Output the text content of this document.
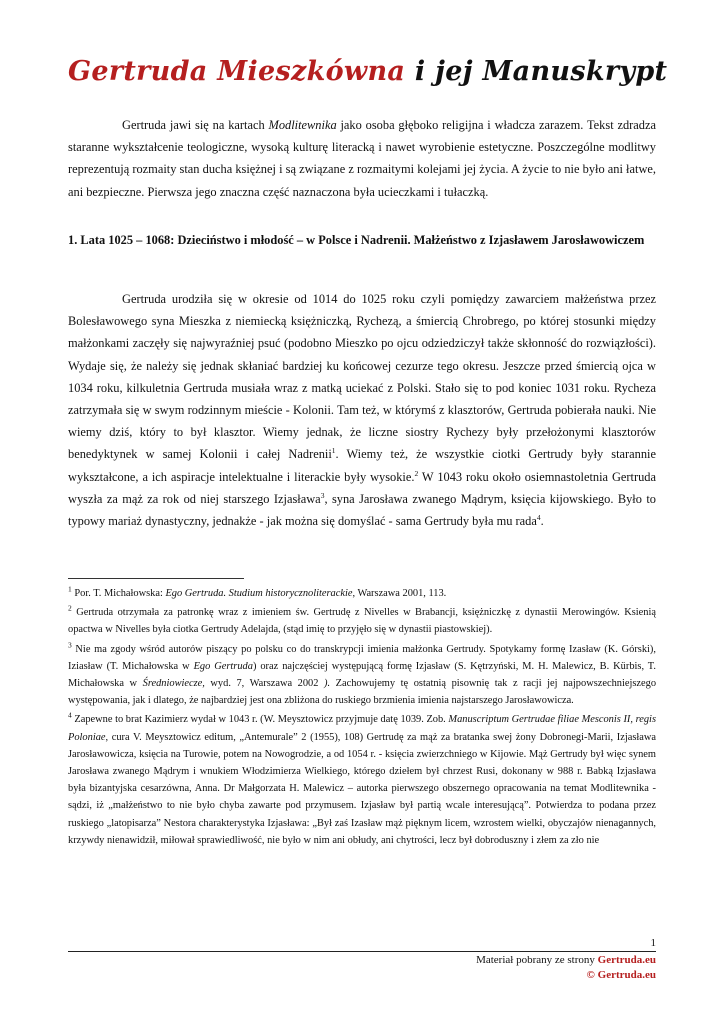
Gertruda Mieszkówna i jej Manuskrypt

Gertruda jawi się na kartach Modlitewnika jako osoba głęboko religijna i władcza zarazem. Tekst zdradza staranne wykształcenie teologiczne, wysoką kulturę literacką i nawet wyrobienie estetyczne. Poszczególne modlitwy reprezentują rozmaity stan ducha księżnej i są związane z rozmaitymi kolejami jej życia. A życie to nie było ani łatwe, ani bezpieczne. Pierwsza jego znaczna część naznaczona była ucieczkami i tułaczką.

1. Lata 1025 – 1068: Dzieciństwo i młodość – w Polsce i Nadrenii. Małżeństwo z Izjasławem Jarosławowiczem

Gertruda urodziła się w okresie od 1014 do 1025 roku czyli pomiędzy zawarciem małżeństwa przez Bolesławowego syna Mieszka z niemiecką księżniczką, Rychezą, a śmiercią Chrobrego, po której stosunki między małżonkami zaczęły się najwyraźniej psuć (podobno Mieszko po ojcu odziedziczył także skłonność do rozwiązłości). Wydaje się, że należy się jednak skłaniać bardziej ku końcowej cezurze tego okresu. Jeszcze przed śmiercią ojca w 1034 roku, kilkuletnia Gertruda musiała wraz z matką uciekać z Polski. Stało się to pod koniec 1031 roku. Rycheza zatrzymała się w swym rodzinnym mieście - Kolonii. Tam też, w którymś z klasztorów, Gertruda pobierała nauki. Nie wiemy dziś, który to był klasztor. Wiemy jednak, że liczne siostry Rychezy były przełożonymi klasztorów benedyktynek w samej Kolonii i całej Nadrenii$^1$. Wiemy też, że wszystkie ciotki Gertrudy były starannie wykształcone, a ich aspiracje intelektualne i literackie były wysokie.$^2$ W 1043 roku około osiemnastoletnia Gertruda wyszła za mąż za rok od niej starszego Izjasława$^3$, syna Jarosława zwanego Mądrym, księcia kijowskiego. Było to typowy mariaż dynastyczny, jednakże - jak można się domyślać - sama Gertrudy była mu rada$^4$.

$^1$ Por. T. Michałowska: Ego Gertruda. Studium historycznoliterackie, Warszawa 2001, 113.

$^2$ Gertruda otrzymała za patronkę wraz z imieniem św. Gertrudę z Nivelles w Brabancji, księżniczkę z dynastii Merowingów. Ksienią opactwa w Nivelles była ciotka Gertrudy Adelajda, (stąd imię to przyjęło się w dynastii piastowskiej).

$^3$ Nie ma zgody wśród autorów piszący po polsku co do transkrypcji imienia małżonka Gertrudy. Spotykamy formę Izasław (K. Górski), Iziasław (T. Michałowska w Ego Gertruda) oraz najczęściej występującą formę Izjasław (S. Kętrzyński, M. H. Malewicz, B. Kürbis, T. Michałowska w Średniowiecze, wyd. 7, Warszawa 2002 ). Zachowujemy tę ostatnią pisownię tak z racji jej najpowszechniejszego występowania, jak i dlatego, że najbardziej jest ona zbliżona do ruskiego brzmienia imienia najstarszego Jarosławowicza.

$^4$ Zapewne to brat Kazimierz wydał w 1043 r. (W. Meysztowicz przyjmuje datę 1039. Zob. Manuscriptum Gertrudae filiae Mesconis II, regis Poloniae, cura V. Meysztowicz editum, „Antemurale” 2 (1955), 108) Gertrudę za mąż za bratanka swej żony Dobronegi-Marii, Izjasława Jarosławowicza, księcia na Turowie, potem na Nowogrodzie, a od 1054 r. - księcia zwierzchniego w Kijowie. Mąż Gertrudy był więc synem Jarosława zwanego Mądrym i wnukiem Włodzimierza Wielkiego, którego dziełem był chrzest Rusi, dokonany w 988 r. Babką Izjasława była bizantyjska cesarzówna, Anna. Dr Małgorzata H. Malewicz – autorka pierwszego obszernego opracowania na temat Modlitewnika - sądzi, iż „małżeństwo to nie było chyba zawarte pod przymusem. Izjasław był partią wcale interesującą”. Potwierdza to podana przez ruskiego „latopisarza” Nestora charakterystyka Izjasława: „Był zaś Izasław mąż pięknym licem, wzrostem wielki, obyczajów nienagannych, krzywdy nienawidził, miłował sprawiedliwość, nie było w nim ani obłudy, ani chytrości, lecz był dobroduszny i złem za zło nie

1
Materiał pobrany ze strony Gertruda.eu
© Gertruda.eu
